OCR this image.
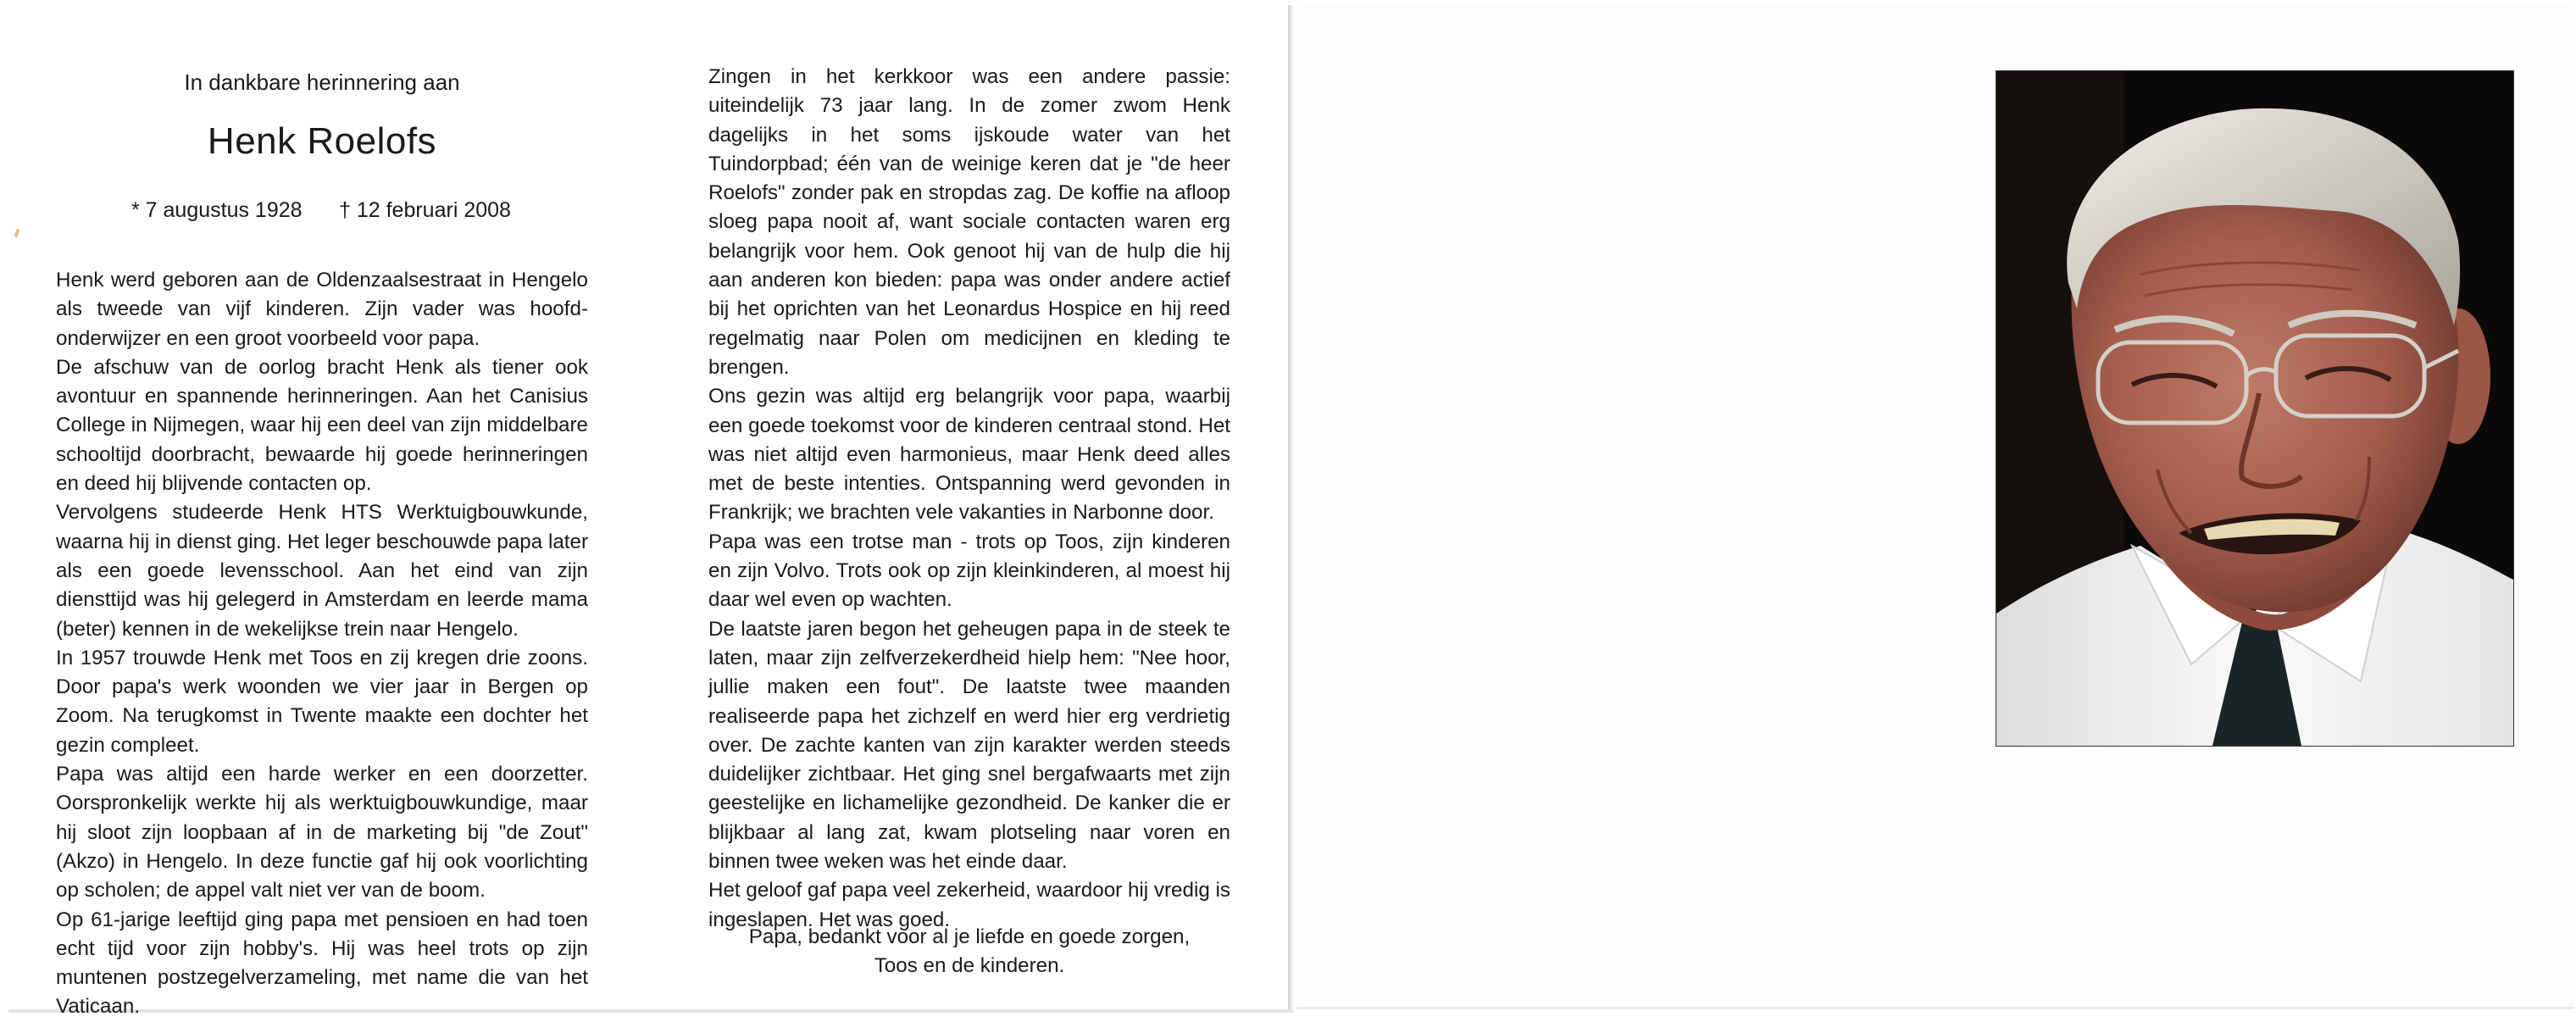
In dankbare herinnering aan
Henk Roelofs
* 7 augustus 1928 † 12 februari 2008

Henk werd geboren aan de Oldenzaalsestraat in Hengelo als tweede van vijf kinderen. Zijn vader was hoofdonderwijzer en een groot voorbeeld voor papa.

De afschuw van de oorlog bracht Henk als tiener ook avontuur en spannende herinneringen. Aan het Canisius College in Nijmegen, waar hij een deel van zijn middelbare schooltijd doorbracht, bewaarde hij goede herinneringen en deed hij blijvende contacten op.

Vervolgens studeerde Henk HTS Werktuigbouwkunde, waarna hij in dienst ging. Het leger beschouwde papa later als een goede levensschool. Aan het eind van zijn diensttijd was hij gelegerd in Amsterdam en leerde mama (beter) kennen in de wekelijkse trein naar Hengelo.

In 1957 trouwde Henk met Toos en zij kregen drie zoons. Door papa's werk woonden we vier jaar in Bergen op Zoom. Na terugkomst in Twente maakte een dochter het gezin compleet.

Papa was altijd een harde werker en een doorzetter. Oorspronkelijk werkte hij als werktuigbouwkundige, maar hij sloot zijn loopbaan af in de marketing bij "de Zout" (Akzo) in Hengelo. In deze functie gaf hij ook voorlichting op scholen; de appel valt niet ver van de boom.

Op 61-jarige leeftijd ging papa met pensioen en had toen echt tijd voor zijn hobby's. Hij was heel trots op zijn muntenen postzegelverzameling, met name die van het Vaticaan.

Zingen in het kerkkoor was een andere passie: uiteindelijk 73 jaar lang. In de zomer zwom Henk dagelijks in het soms ijskoude water van het Tuindorpbad; één van de weinige keren dat je "de heer Roelofs" zonder pak en stropdas zag. De koffie na afloop sloeg papa nooit af, want sociale contacten waren erg belangrijk voor hem. Ook genoot hij van de hulp die hij aan anderen kon bieden: papa was onder andere actief bij het oprichten van het Leonardus Hospice en hij reed regelmatig naar Polen om medicijnen en kleding te brengen.

Ons gezin was altijd erg belangrijk voor papa, waarbij een goede toekomst voor de kinderen centraal stond. Het was niet altijd even harmonieus, maar Henk deed alles met de beste intenties. Ontspanning werd gevonden in Frankrijk; we brachten vele vakanties in Narbonne door.

Papa was een trotse man - trots op Toos, zijn kinderen en zijn Volvo. Trots ook op zijn kleinkinderen, al moest hij daar wel even op wachten.

De laatste jaren begon het geheugen papa in de steek te laten, maar zijn zelfverzekerdheid hielp hem: "Nee hoor, jullie maken een fout". De laatste twee maanden realiseerde papa het zichzelf en werd hier erg verdrietig over. De zachte kanten van zijn karakter werden steeds duidelijker zichtbaar. Het ging snel bergafwaarts met zijn geestelijke en lichamelijke gezondheid. De kanker die er blijkbaar al lang zat, kwam plotseling naar voren en binnen twee weken was het einde daar.

Het geloof gaf papa veel zekerheid, waardoor hij vredig is ingeslapen. Het was goed.

Papa, bedankt voor al je liefde en goede zorgen,
Toos en de kinderen.
